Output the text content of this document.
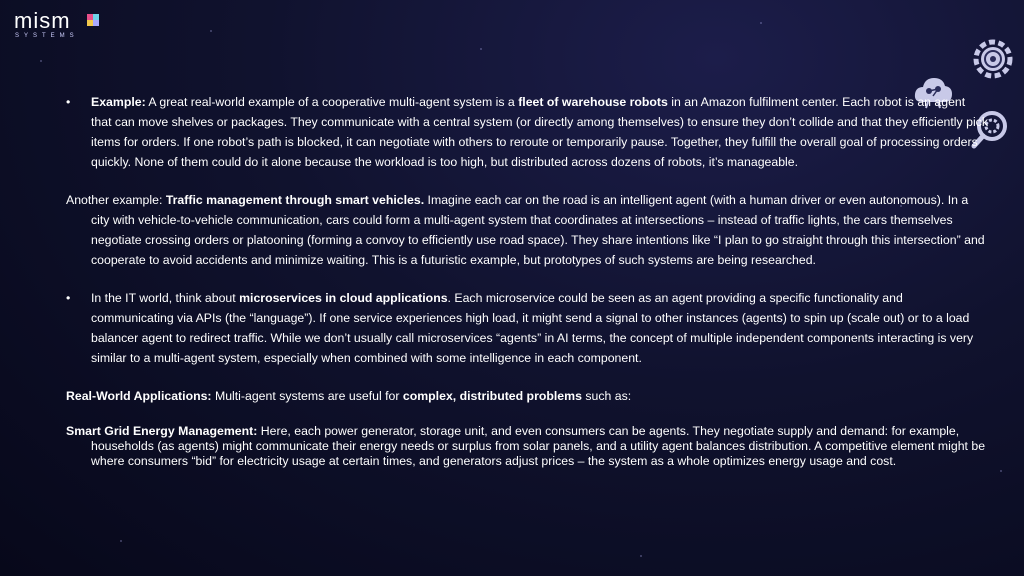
mism
SYSTEMS
• Example: A great real-world example of a cooperative multi-agent system is a fleet of warehouse robots in an Amazon fulfilment center. Each robot is an agent that can move shelves or packages. They communicate with a central system (or directly among themselves) to ensure they don’t collide and that they efficiently pick items for orders. If one robot’s path is blocked, it can negotiate with others to reroute or temporarily pause. Together, they fulfill the overall goal of processing orders quickly. None of them could do it alone because the workload is too high, but distributed across dozens of robots, it’s manageable.
Another example: Traffic management through smart vehicles. Imagine each car on the road is an intelligent agent (with a human driver or even autonomous). In a city with vehicle-to-vehicle communication, cars could form a multi-agent system that coordinates at intersections – instead of traffic lights, the cars themselves negotiate crossing orders or platooning (forming a convoy to efficiently use road space). They share intentions like “I plan to go straight through this intersection” and cooperate to avoid accidents and minimize waiting. This is a futuristic example, but prototypes of such systems are being researched.
• In the IT world, think about microservices in cloud applications. Each microservice could be seen as an agent providing a specific functionality and communicating via APIs (the “language”). If one service experiences high load, it might send a signal to other instances (agents) to spin up (scale out) or to a load balancer agent to redirect traffic. While we don’t usually call microservices “agents” in AI terms, the concept of multiple independent components interacting is very similar to a multi-agent system, especially when combined with some intelligence in each component.
Real-World Applications: Multi-agent systems are useful for complex, distributed problems such as:
Smart Grid Energy Management: Here, each power generator, storage unit, and even consumers can be agents. They negotiate supply and demand: for example, households (as agents) might communicate their energy needs or surplus from solar panels, and a utility agent balances distribution. A competitive element might be where consumers “bid” for electricity usage at certain times, and generators adjust prices – the system as a whole optimizes energy usage and cost.
